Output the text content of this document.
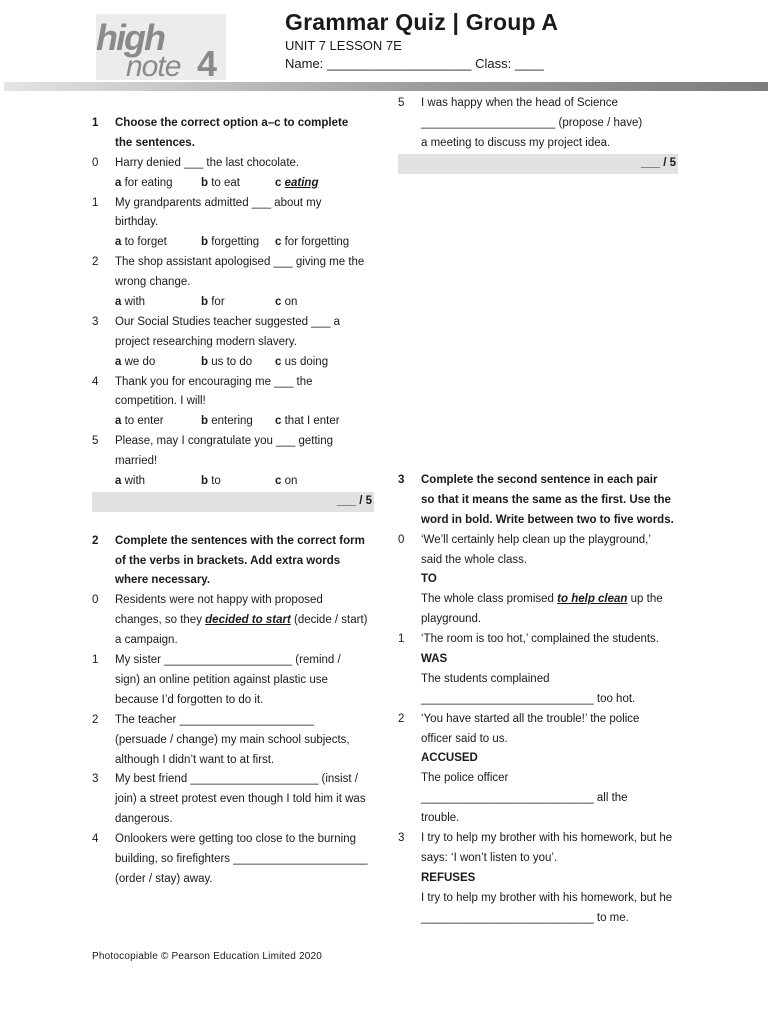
high
note 4
Grammar Quiz | Group A
UNIT 7 LESSON 7E
Name: ____________________ Class: ____
1	Choose the correct option a–c to complete
the sentences.
0	Harry denied ___ the last chocolate.
a for eating	b to eat	c eating
1	My grandparents admitted ___ about my
birthday.
a to forget	b forgetting	c for forgetting
2	The shop assistant apologised ___ giving me the
wrong change.
a with	b for	c on
3	Our Social Studies teacher suggested ___ a
project researching modern slavery.
a we do	b us to do	c us doing
4	Thank you for encouraging me ___ the
competition. I will!
a to enter	b entering	c that I enter
5	Please, may I congratulate you ___ getting
married!
a with	b to	c on
___ / 5
2	Complete the sentences with the correct form
of the verbs in brackets. Add extra words
where necessary.
0	Residents were not happy with proposed
changes, so they decided to start (decide / start)
a campaign.
1	My sister ____________________ (remind /
sign) an online petition against plastic use
because I’d forgotten to do it.
2	The teacher _____________________
(persuade / change) my main school subjects,
although I didn’t want to at first.
3	My best friend ____________________ (insist /
join) a street protest even though I told him it was
dangerous.
4	Onlookers were getting too close to the burning
building, so firefighters _____________________
(order / stay) away.
5	I was happy when the head of Science
_____________________ (propose / have)
a meeting to discuss my project idea.
___ / 5
3	Complete the second sentence in each pair
so that it means the same as the first. Use the
word in bold. Write between two to five words.
0	‘We’ll certainly help clean up the playground,’
said the whole class.
TO
The whole class promised to help clean up the
playground.
1	‘The room is too hot,’ complained the students.
WAS
The students complained
___________________________ too hot.
2	‘You have started all the trouble!’ the police
officer said to us.
ACCUSED
The police officer
___________________________ all the
trouble.
3	I try to help my brother with his homework, but he
says: ‘I won’t listen to you’.
REFUSES
I try to help my brother with his homework, but he
___________________________ to me.
Photocopiable © Pearson Education Limited 2020
